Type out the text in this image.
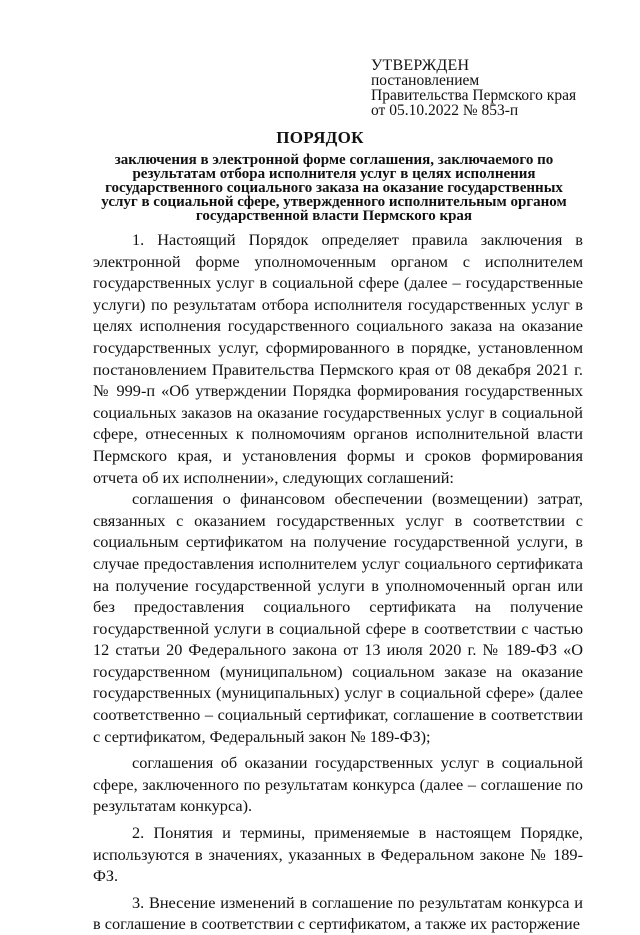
УТВЕРЖДЕН
постановлением
Правительства Пермского края
от 05.10.2022 № 853-п
ПОРЯДОК
заключения в электронной форме соглашения, заключаемого по результатам отбора исполнителя услуг в целях исполнения государственного социального заказа на оказание государственных услуг в социальной сфере, утвержденного исполнительным органом государственной власти Пермского края

1. Настоящий Порядок определяет правила заключения в электронной форме уполномоченным органом с исполнителем государственных услуг в социальной сфере (далее – государственные услуги) по результатам отбора исполнителя государственных услуг в целях исполнения государственного социального заказа на оказание государственных услуг, сформированного в порядке, установленном постановлением Правительства Пермского края от 08 декабря 2021 г. № 999-п «Об утверждении Порядка формирования государственных социальных заказов на оказание государственных услуг в социальной сфере, отнесенных к полномочиям органов исполнительной власти Пермского края, и установления формы и сроков формирования отчета об их исполнении», следующих соглашений:

соглашения о финансовом обеспечении (возмещении) затрат, связанных с оказанием государственных услуг в соответствии с социальным сертификатом на получение государственной услуги, в случае предоставления исполнителем услуг социального сертификата на получение государственной услуги в уполномоченный орган или без предоставления социального сертификата на получение государственной услуги в социальной сфере в соответствии с частью 12 статьи 20 Федерального закона от 13 июля 2020 г. № 189-ФЗ «О государственном (муниципальном) социальном заказе на оказание государственных (муниципальных) услуг в социальной сфере» (далее соответственно – социальный сертификат, соглашение в соответствии с сертификатом, Федеральный закон № 189-ФЗ);

соглашения об оказании государственных услуг в социальной сфере, заключенного по результатам конкурса (далее – соглашение по результатам конкурса).

2. Понятия и термины, применяемые в настоящем Порядке, используются в значениях, указанных в Федеральном законе № 189-ФЗ.

3. Внесение изменений в соглашение по результатам конкурса и в соглашение в соответствии с сертификатом, а также их расторжение
